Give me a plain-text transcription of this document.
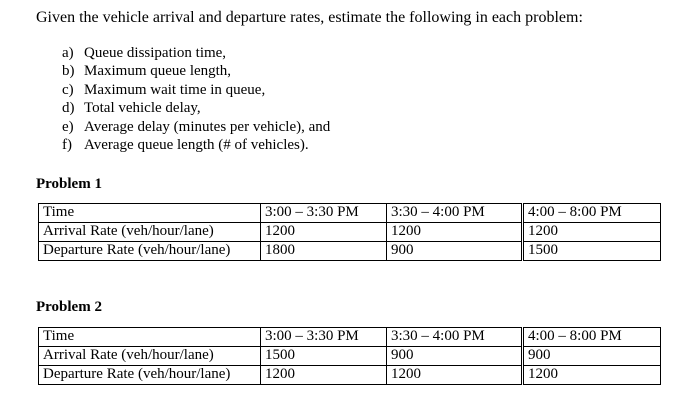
Given the vehicle arrival and departure rates, estimate the following in each problem:
a) Queue dissipation time,
b) Maximum queue length,
c) Maximum wait time in queue,
d) Total vehicle delay,
e) Average delay (minutes per vehicle), and
f) Average queue length (# of vehicles).
Problem 1
Time	3:00 – 3:30 PM	3:30 – 4:00 PM	4:00 – 8:00 PM
Arrival Rate (veh/hour/lane)	1200	1200	1200
Departure Rate (veh/hour/lane)	1800	900	1500
Problem 2
Time	3:00 – 3:30 PM	3:30 – 4:00 PM	4:00 – 8:00 PM
Arrival Rate (veh/hour/lane)	1500	900	900
Departure Rate (veh/hour/lane)	1200	1200	1200
